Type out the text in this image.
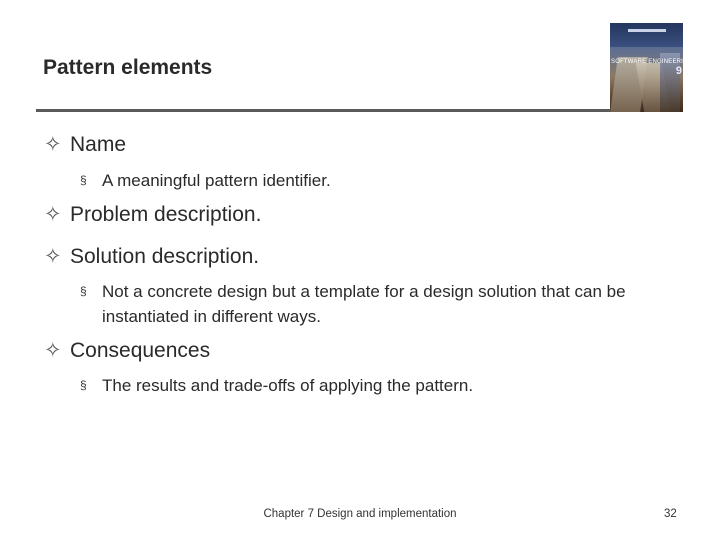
Pattern elements	SOFTWARE ENGINEERING
9
✧ Name
§ A meaningful pattern identifier.
✧ Problem description.
✧ Solution description.
§ Not a concrete design but a template for a design solution that can be instantiated in different ways.
✧ Consequences
§ The results and trade-offs of applying the pattern.
Chapter 7 Design and implementation	32
